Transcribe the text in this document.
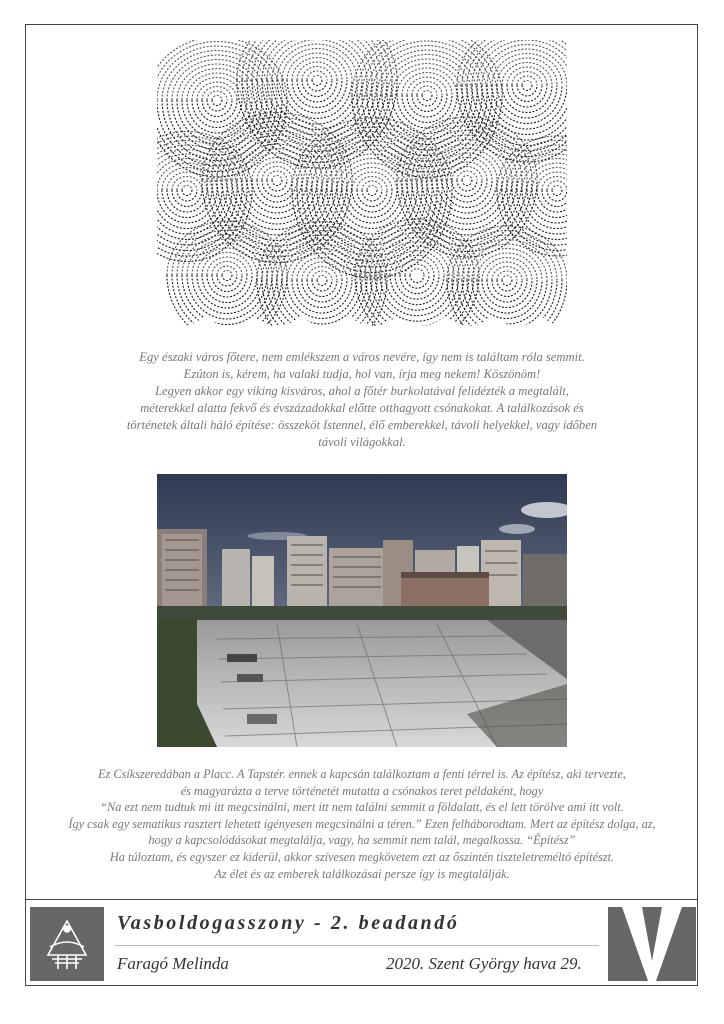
Egy északi város főtere, nem emlékszem a város nevére, így nem is találtam róla semmit.
Ezúton is, kérem, ha valaki tudja, hol van, írja meg nekem! Köszönöm!
Legyen akkor egy viking kisváros, ahol a főtér burkolatával felidézték a megtalált,
méterekkel alatta fekvő és évszázadokkal előtte otthagyott csónakokat. A találkozások és
történetek általi háló építése: összeköt Istennel, élő emberekkel, távoli helyekkel, vagy időben
távoli világokkal.
Ez Csíkszeredában a Placc. A Tapstér. ennek a kapcsán találkoztam a fenti térrel is. Az építész, aki tervezte,
és magyarázta a terve történetét mutatta a csónakos teret példaként, hogy
“Na ezt nem tudtuk mi itt megcsinálni, mert itt nem találni semmit a földalatt, és el lett törölve ami itt volt.
Így csak egy sematikus rasztert lehetett igényesen megcsinálni a téren.” Ezen felháborodtam. Mert az építész dolga, az,
hogy a kapcsolódásokat megtalálja, vagy, ha semmit nem talál, megalkossa. “Építész”
Ha túloztam, és egyszer ez kiderül, akkor szívesen megkövetem ezt az őszintén tiszteletreméltó építészt.
Az élet és az emberek találkozásai persze így is megtalálják.
Vasboldogasszony - 2. beadandó
Faragó Melinda	2020. Szent György hava 29.
